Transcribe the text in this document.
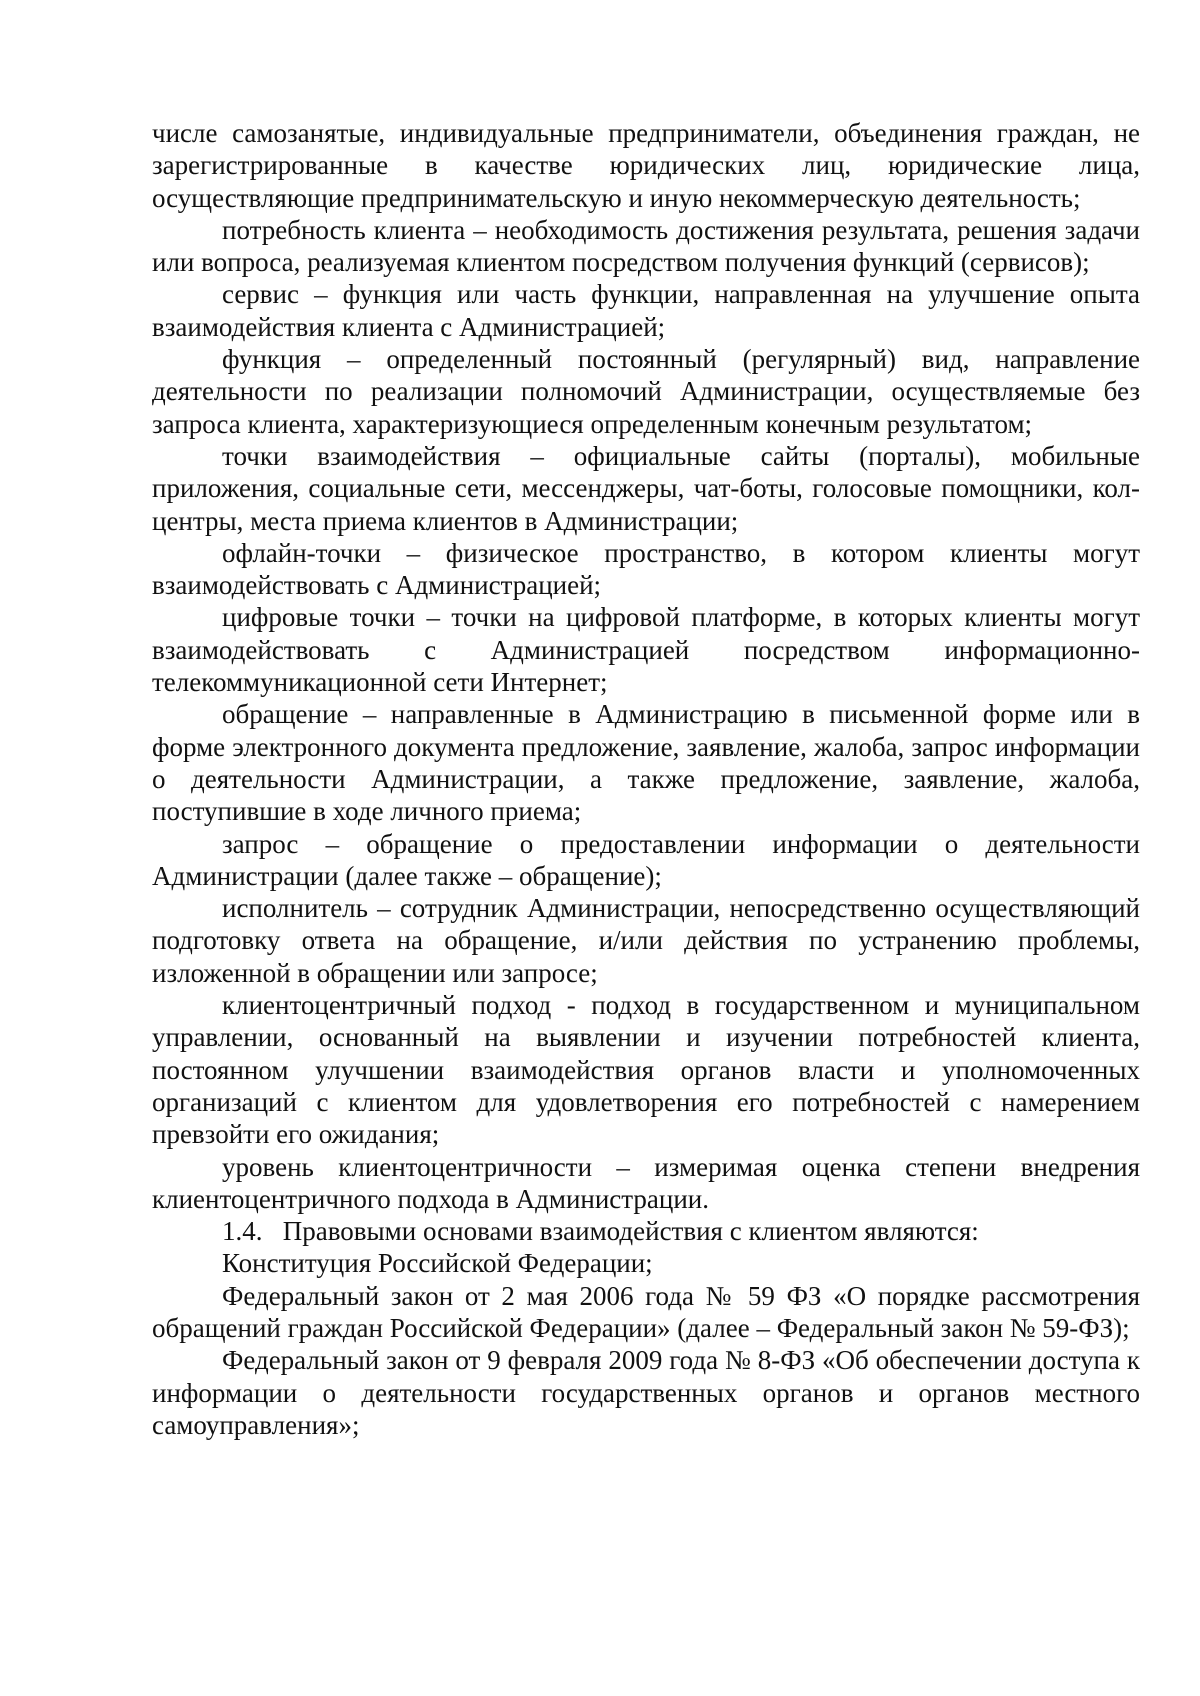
числе самозанятые, индивидуальные предприниматели, объединения граждан, не зарегистрированные в качестве юридических лиц, юридические лица, осуществляющие предпринимательскую и иную некоммерческую деятельность;

потребность клиента – необходимость достижения результата, решения задачи или вопроса, реализуемая клиентом посредством получения функций (сервисов);

сервис – функция или часть функции, направленная на улучшение опыта взаимодействия клиента с Администрацией;

функция – определенный постоянный (регулярный) вид, направление деятельности по реализации полномочий Администрации, осуществляемые без запроса клиента, характеризующиеся определенным конечным результатом;

точки взаимодействия – официальные сайты (порталы), мобильные приложения, социальные сети, мессенджеры, чат-боты, голосовые помощники, кол-центры, места приема клиентов в Администрации;

офлайн-точки – физическое пространство, в котором клиенты могут взаимодействовать с Администрацией;

цифровые точки – точки на цифровой платформе, в которых клиенты могут взаимодействовать с Администрацией посредством информационно-телекоммуникационной сети Интернет;

обращение – направленные в Администрацию в письменной форме или в форме электронного документа предложение, заявление, жалоба, запрос информации о деятельности Администрации, а также предложение, заявление, жалоба, поступившие в ходе личного приема;

запрос – обращение о предоставлении информации о деятельности Администрации (далее также – обращение);

исполнитель – сотрудник Администрации, непосредственно осуществляющий подготовку ответа на обращение, и/или действия по устранению проблемы, изложенной в обращении или запросе;

клиентоцентричный подход - подход в государственном и муниципальном управлении, основанный на выявлении и изучении потребностей клиента, постоянном улучшении взаимодействия органов власти и уполномоченных организаций с клиентом для удовлетворения его потребностей с намерением превзойти его ожидания;

уровень клиентоцентричности – измеримая оценка степени внедрения клиентоцентричного подхода в Администрации.

1.4.   Правовыми основами взаимодействия с клиентом являются:

Конституция Российской Федерации;

Федеральный закон от 2 мая 2006 года № 59 ФЗ «О порядке рассмотрения обращений граждан Российской Федерации» (далее – Федеральный закон № 59-ФЗ);

Федеральный закон от 9 февраля 2009 года № 8-ФЗ «Об обеспечении доступа к информации о деятельности государственных органов и органов местного самоуправления»;
